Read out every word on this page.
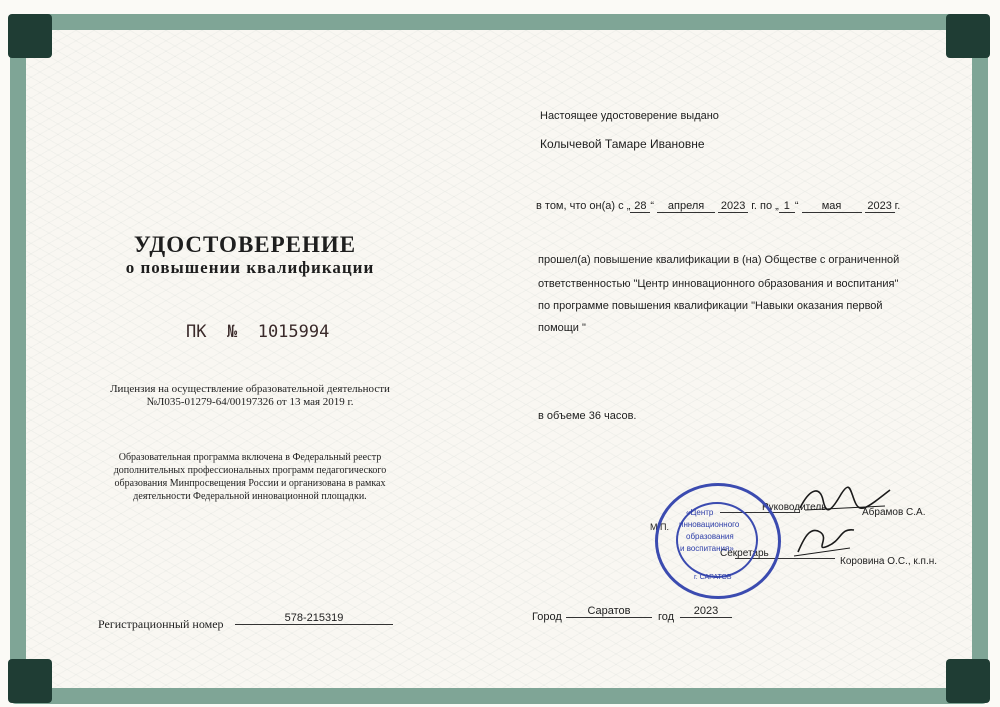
УДОСТОВЕРЕНИЕ
о повышении квалификации
ПК № 1015994
Лицензия на осуществление образовательной деятельности
№Л035-01279-64/00197326 от 13 мая 2019 г.
Образовательная программа включена в Федеральный реестр
дополнительных профессиональных программ педагогического
образования Минпросвещения России и организована в рамках
деятельности Федеральной инновационной площадки.
Регистрационный номер	578-215319
Настоящее удостоверение выдано
Колычевой Тамаре Ивановне
в том, что он(а) с „ 28 “ апреля 2023 г. по „ 1 “ мая 2023 г.
прошел(а) повышение квалификации в (на) Обществе с ограниченной
ответственностью "Центр инновационного образования и воспитания"
по программе повышения квалификации "Навыки оказания первой
помощи "
в объеме 36 часов.
Руководитель	Абрамов С.А.
Секретарь
Коровина О.С., к.п.н.
М.П.
«Центр
инновационного
образования
и воспитания»
г. САРАТОВ
Город	Саратов	год	2023
